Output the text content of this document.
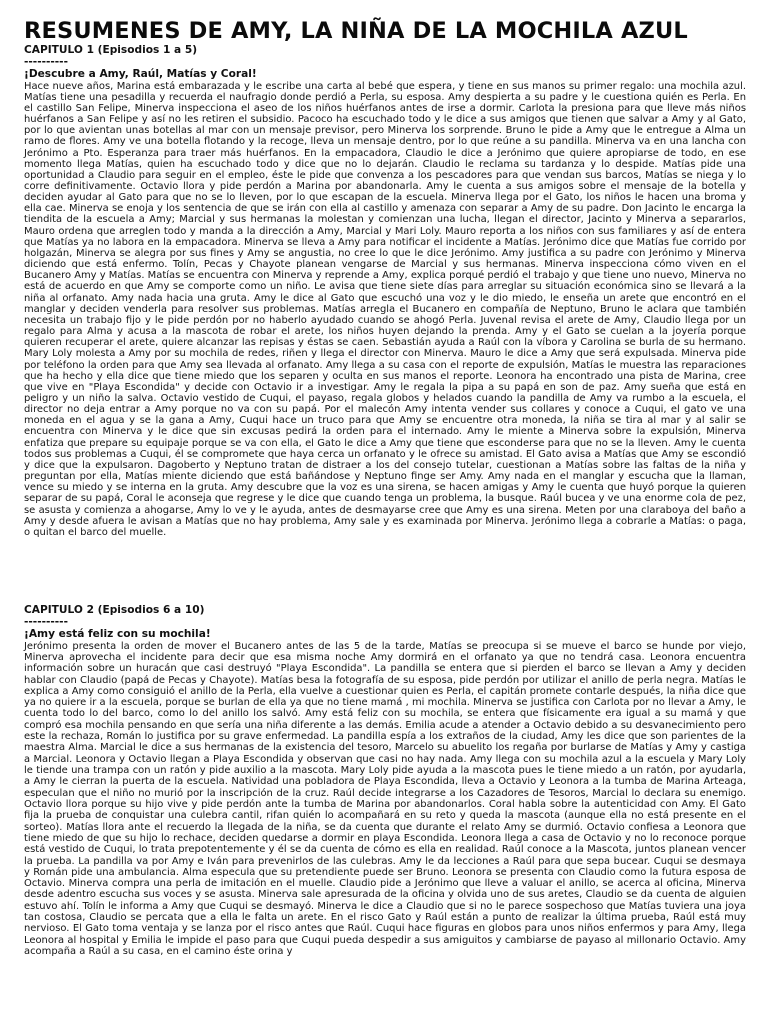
RESUMENES DE AMY, LA NIÑA DE LA MOCHILA AZUL
CAPITULO 1 (Episodios 1 a 5)
----------
¡Descubre a Amy, Raúl, Matías y Coral!

Hace nueve años, Marina está embarazada y le escribe una carta al bebé que espera, y tiene en sus manos su primer regalo: una mochila azul. Matías tiene una pesadilla y recuerda el naufragio donde perdió a Perla, su esposa. Amy despierta a su padre y le cuestiona quién es Perla. En el castillo San Felipe, Minerva inspecciona el aseo de los niños huérfanos antes de irse a dormir. Carlota la presiona para que lleve más niños huérfanos a San Felipe y así no les retiren el subsidio. Pacoco ha escuchado todo y le dice a sus amigos que tienen que salvar a Amy y al Gato, por lo que avientan unas botellas al mar con un mensaje previsor, pero Minerva los sorprende. Bruno le pide a Amy que le entregue a Alma un ramo de flores. Amy ve una botella flotando y la recoge, lleva un mensaje dentro, por lo que reúne a su pandilla. Minerva va en una lancha con Jerónimo a Pto. Esperanza para traer más huérfanos. En la empacadora, Claudio le dice a Jerónimo que quiere apropiarse de todo, en ese momento llega Matías, quien ha escuchado todo y dice que no lo dejarán. Claudio le reclama su tardanza y lo despide. Matías pide una oportunidad a Claudio para seguir en el empleo, éste le pide que convenza a los pescadores para que vendan sus barcos, Matías se niega y lo corre definitivamente. Octavio llora y pide perdón a Marina por abandonarla. Amy le cuenta a sus amigos sobre el mensaje de la botella y deciden ayudar al Gato para que no se lo lleven, por lo que escapan de la escuela. Minerva llega por el Gato, los niños le hacen una broma y ella cae. Minerva se enoja y los sentencia de que se irán con ella al castillo y amenaza con separar a Amy de su padre. Don Jacinto le encarga la tiendita de la escuela a Amy; Marcial y sus hermanas la molestan y comienzan una lucha, llegan el director, Jacinto y Minerva a separarlos, Mauro ordena que arreglen todo y manda a la dirección a Amy, Marcial y Mari Loly. Mauro reporta a los niños con sus familiares y así de entera que Matías ya no labora en la empacadora. Minerva se lleva a Amy para notificar el incidente a Matías. Jerónimo dice que Matías fue corrido por holgazán, Minerva se alegra por sus fines y Amy se angustia, no cree lo que le dice Jerónimo. Amy justifica a su padre con Jerónimo y Minerva diciendo que está enfermo. Tolín, Pecas y Chayote planean vengarse de Marcial y sus hermanas. Minerva inspecciona cómo viven en el Bucanero Amy y Matías. Matías se encuentra con Minerva y reprende a Amy, explica porqué perdió el trabajo y que tiene uno nuevo, Minerva no está de acuerdo en que Amy se comporte como un niño. Le avisa que tiene siete días para arreglar su situación económica sino se llevará a la niña al orfanato. Amy nada hacia una gruta. Amy le dice al Gato que escuchó una voz y le dio miedo, le enseña un arete que encontró en el manglar y deciden venderla para resolver sus problemas. Matías arregla el Bucanero en compañía de Neptuno, Bruno le aclara que también necesita un trabajo fijo y le pide perdón por no haberlo ayudado cuando se ahogó Perla. Juvenal revisa el arete de Amy, Claudio llega por un regalo para Alma y acusa a la mascota de robar el arete, los niños huyen dejando la prenda. Amy y el Gato se cuelan a la joyería porque quieren recuperar el arete, quiere alcanzar las repisas y éstas se caen. Sebastián ayuda a Raúl con la víbora y Carolina se burla de su hermano. Mary Loly molesta a Amy por su mochila de redes, riñen y llega el director con Minerva. Mauro le dice a Amy que será expulsada. Minerva pide por teléfono la orden para que Amy sea llevada al orfanato. Amy llega a su casa con el reporte de expulsión, Matías le muestra las reparaciones que ha hecho y ella dice que tiene miedo que los separen y oculta en sus manos el reporte. Leonora ha encontrado una pista de Marina, cree que vive en "Playa Escondida" y decide con Octavio ir a investigar. Amy le regala la pipa a su papá en son de paz. Amy sueña que está en peligro y un niño la salva. Octavio vestido de Cuqui, el payaso, regala globos y helados cuando la pandilla de Amy va rumbo a la escuela, el director no deja entrar a Amy porque no va con su papá. Por el malecón Amy intenta vender sus collares y conoce a Cuqui, el gato ve una moneda en el agua y se la gana a Amy, Cuqui hace un truco para que Amy se encuentre otra moneda, la niña se tira al mar y al salir se encuentra con Minerva y le dice que sin excusas pedirá la orden para el internado. Amy le miente a Minerva sobre la expulsión, Minerva enfatiza que prepare su equipaje porque se va con ella, el Gato le dice a Amy que tiene que esconderse para que no se la lleven. Amy le cuenta todos sus problemas a Cuqui, él se compromete que haya cerca un orfanato y le ofrece su amistad. El Gato avisa a Matías que Amy se escondió y dice que la expulsaron. Dagoberto y Neptuno tratan de distraer a los del consejo tutelar, cuestionan a Matías sobre las faltas de la niña y preguntan por ella, Matías miente diciendo que está bañándose y Neptuno finge ser Amy. Amy nada en el manglar y escucha que la llaman, vence su miedo y se interna en la gruta. Amy descubre que la voz es una sirena, se hacen amigas y Amy le cuenta que huyó porque la quieren separar de su papá, Coral le aconseja que regrese y le dice que cuando tenga un problema, la busque. Raúl bucea y ve una enorme cola de pez, se asusta y comienza a ahogarse, Amy lo ve y le ayuda, antes de desmayarse cree que Amy es una sirena. Meten por una claraboya del baño a Amy y desde afuera le avisan a Matías que no hay problema, Amy sale y es examinada por Minerva. Jerónimo llega a cobrarle a Matías: o paga, o quitan el barco del muelle.

CAPITULO 2 (Episodios 6 a 10)
----------
¡Amy está feliz con su mochila!

Jerónimo presenta la orden de mover el Bucanero antes de las 5 de la tarde, Matías se preocupa si se mueve el barco se hunde por viejo, Minerva aprovecha el incidente para decir que esa misma noche Amy dormirá en el orfanato ya que no tendrá casa. Leonora encuentra información sobre un huracán que casi destruyó "Playa Escondida". La pandilla se entera que si pierden el barco se llevan a Amy y deciden hablar con Claudio (papá de Pecas y Chayote). Matías besa la fotografía de su esposa, pide perdón por utilizar el anillo de perla negra. Matías le explica a Amy como consiguió el anillo de la Perla, ella vuelve a cuestionar quien es Perla, el capitán promete contarle después, la niña dice que ya no quiere ir a la escuela, porque se burlan de ella ya que no tiene mamá , mi mochila. Minerva se justifica con Carlota por no llevar a Amy, le cuenta todo lo del barco, como lo del anillo los salvó. Amy está feliz con su mochila, se entera que físicamente era igual a su mamá y que compró esa mochila pensando en que sería una niña diferente a las demás. Emilia acude a atender a Octavio debido a su desvanecimiento pero este la rechaza, Román lo justifica por su grave enfermedad. La pandilla espía a los extraños de la ciudad, Amy les dice que son parientes de la maestra Alma. Marcial le dice a sus hermanas de la existencia del tesoro, Marcelo su abuelito los regaña por burlarse de Matías y Amy y castiga a Marcial. Leonora y Octavio llegan a Playa Escondida y observan que casi no hay nada. Amy llega con su mochila azul a la escuela y Mary Loly le tiende una trampa con un ratón y pide auxilio a la mascota. Mary Loly pide ayuda a la mascota pues le tiene miedo a un ratón, por ayudarla, a Amy le cierran la puerta de la escuela. Natividad una pobladora de Playa Escondida, lleva a Octavio y Leonora a la tumba de Marina Arteaga, especulan que el niño no murió por la inscripción de la cruz. Raúl decide integrarse a los Cazadores de Tesoros, Marcial lo declara su enemigo. Octavio llora porque su hijo vive y pide perdón ante la tumba de Marina por abandonarlos. Coral habla sobre la autenticidad con Amy. El Gato fija la prueba de conquistar una culebra cantil, rifan quién lo acompañará en su reto y queda la mascota (aunque ella no está presente en el sorteo). Matías llora ante el recuerdo la llegada de la niña, se da cuenta que durante el relato Amy se durmió. Octavio confiesa a Leonora que tiene miedo de que su hijo lo rechace, deciden quedarse a dormir en playa Escondida. Leonora llega a casa de Octavio y no lo reconoce porque está vestido de Cuqui, lo trata prepotentemente y él se da cuenta de cómo es ella en realidad. Raúl conoce a la Mascota, juntos planean vencer la prueba. La pandilla va por Amy e Iván para prevenirlos de las culebras. Amy le da lecciones a Raúl para que sepa bucear. Cuqui se desmaya y Román pide una ambulancia. Alma especula que su pretendiente puede ser Bruno. Leonora se presenta con Claudio como la futura esposa de Octavio. Minerva compra una perla de imitación en el muelle. Claudio pide a Jerónimo que lleve a valuar el anillo, se acerca al oficina, Minerva desde adentro escucha sus voces y se asusta. Minerva sale apresurada de la oficina y olvida uno de sus aretes, Claudio se da cuenta de alguien estuvo ahí. Tolín le informa a Amy que Cuqui se desmayó. Minerva le dice a Claudio que si no le parece sospechoso que Matías tuviera una joya tan costosa, Claudio se percata que a ella le falta un arete. En el risco Gato y Raúl están a punto de realizar la última prueba, Raúl está muy nervioso. El Gato toma ventaja y se lanza por el risco antes que Raúl. Cuqui hace figuras en globos para unos niños enfermos y para Amy, llega Leonora al hospital y Emilia le impide el paso para que Cuqui pueda despedir a sus amiguitos y cambiarse de payaso al millonario Octavio. Amy acompaña a Raúl a su casa, en el camino éste orina y
